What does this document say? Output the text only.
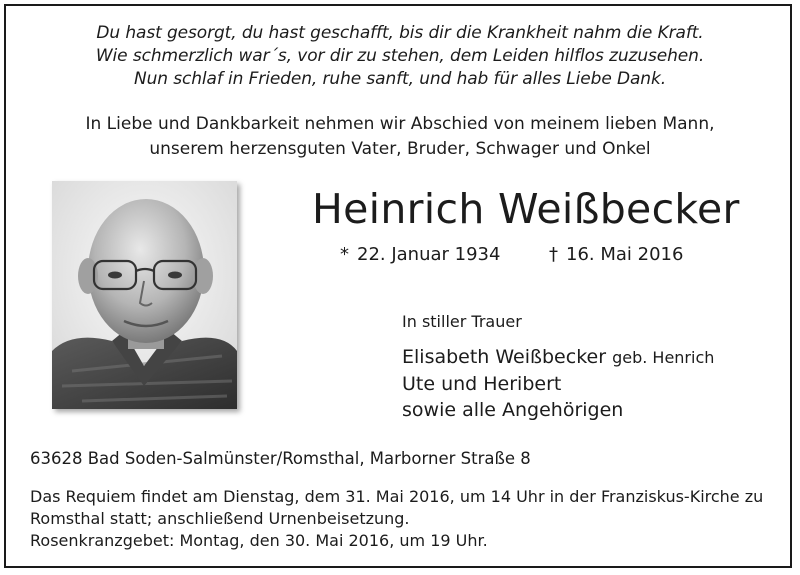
Du hast gesorgt, du hast geschafft, bis dir die Krankheit nahm die Kraft.
Wie schmerzlich war´s, vor dir zu stehen, dem Leiden hilflos zuzusehen.
Nun schlaf in Frieden, ruhe sanft, und hab für alles Liebe Dank.
In Liebe und Dankbarkeit nehmen wir Abschied von meinem lieben Mann,
unserem herzensguten Vater, Bruder, Schwager und Onkel
Heinrich Weißbecker
* 22. Januar 1934	† 16. Mai 2016
In stiller Trauer
Elisabeth Weißbecker geb. Henrich
Ute und Heribert
sowie alle Angehörigen
63628 Bad Soden-Salmünster/Romsthal, Marborner Straße 8
Das Requiem findet am Dienstag, dem 31. Mai 2016, um 14 Uhr in der Franziskus-Kirche zu
Romsthal statt; anschließend Urnenbeisetzung.
Rosenkranzgebet: Montag, den 30. Mai 2016, um 19 Uhr.
